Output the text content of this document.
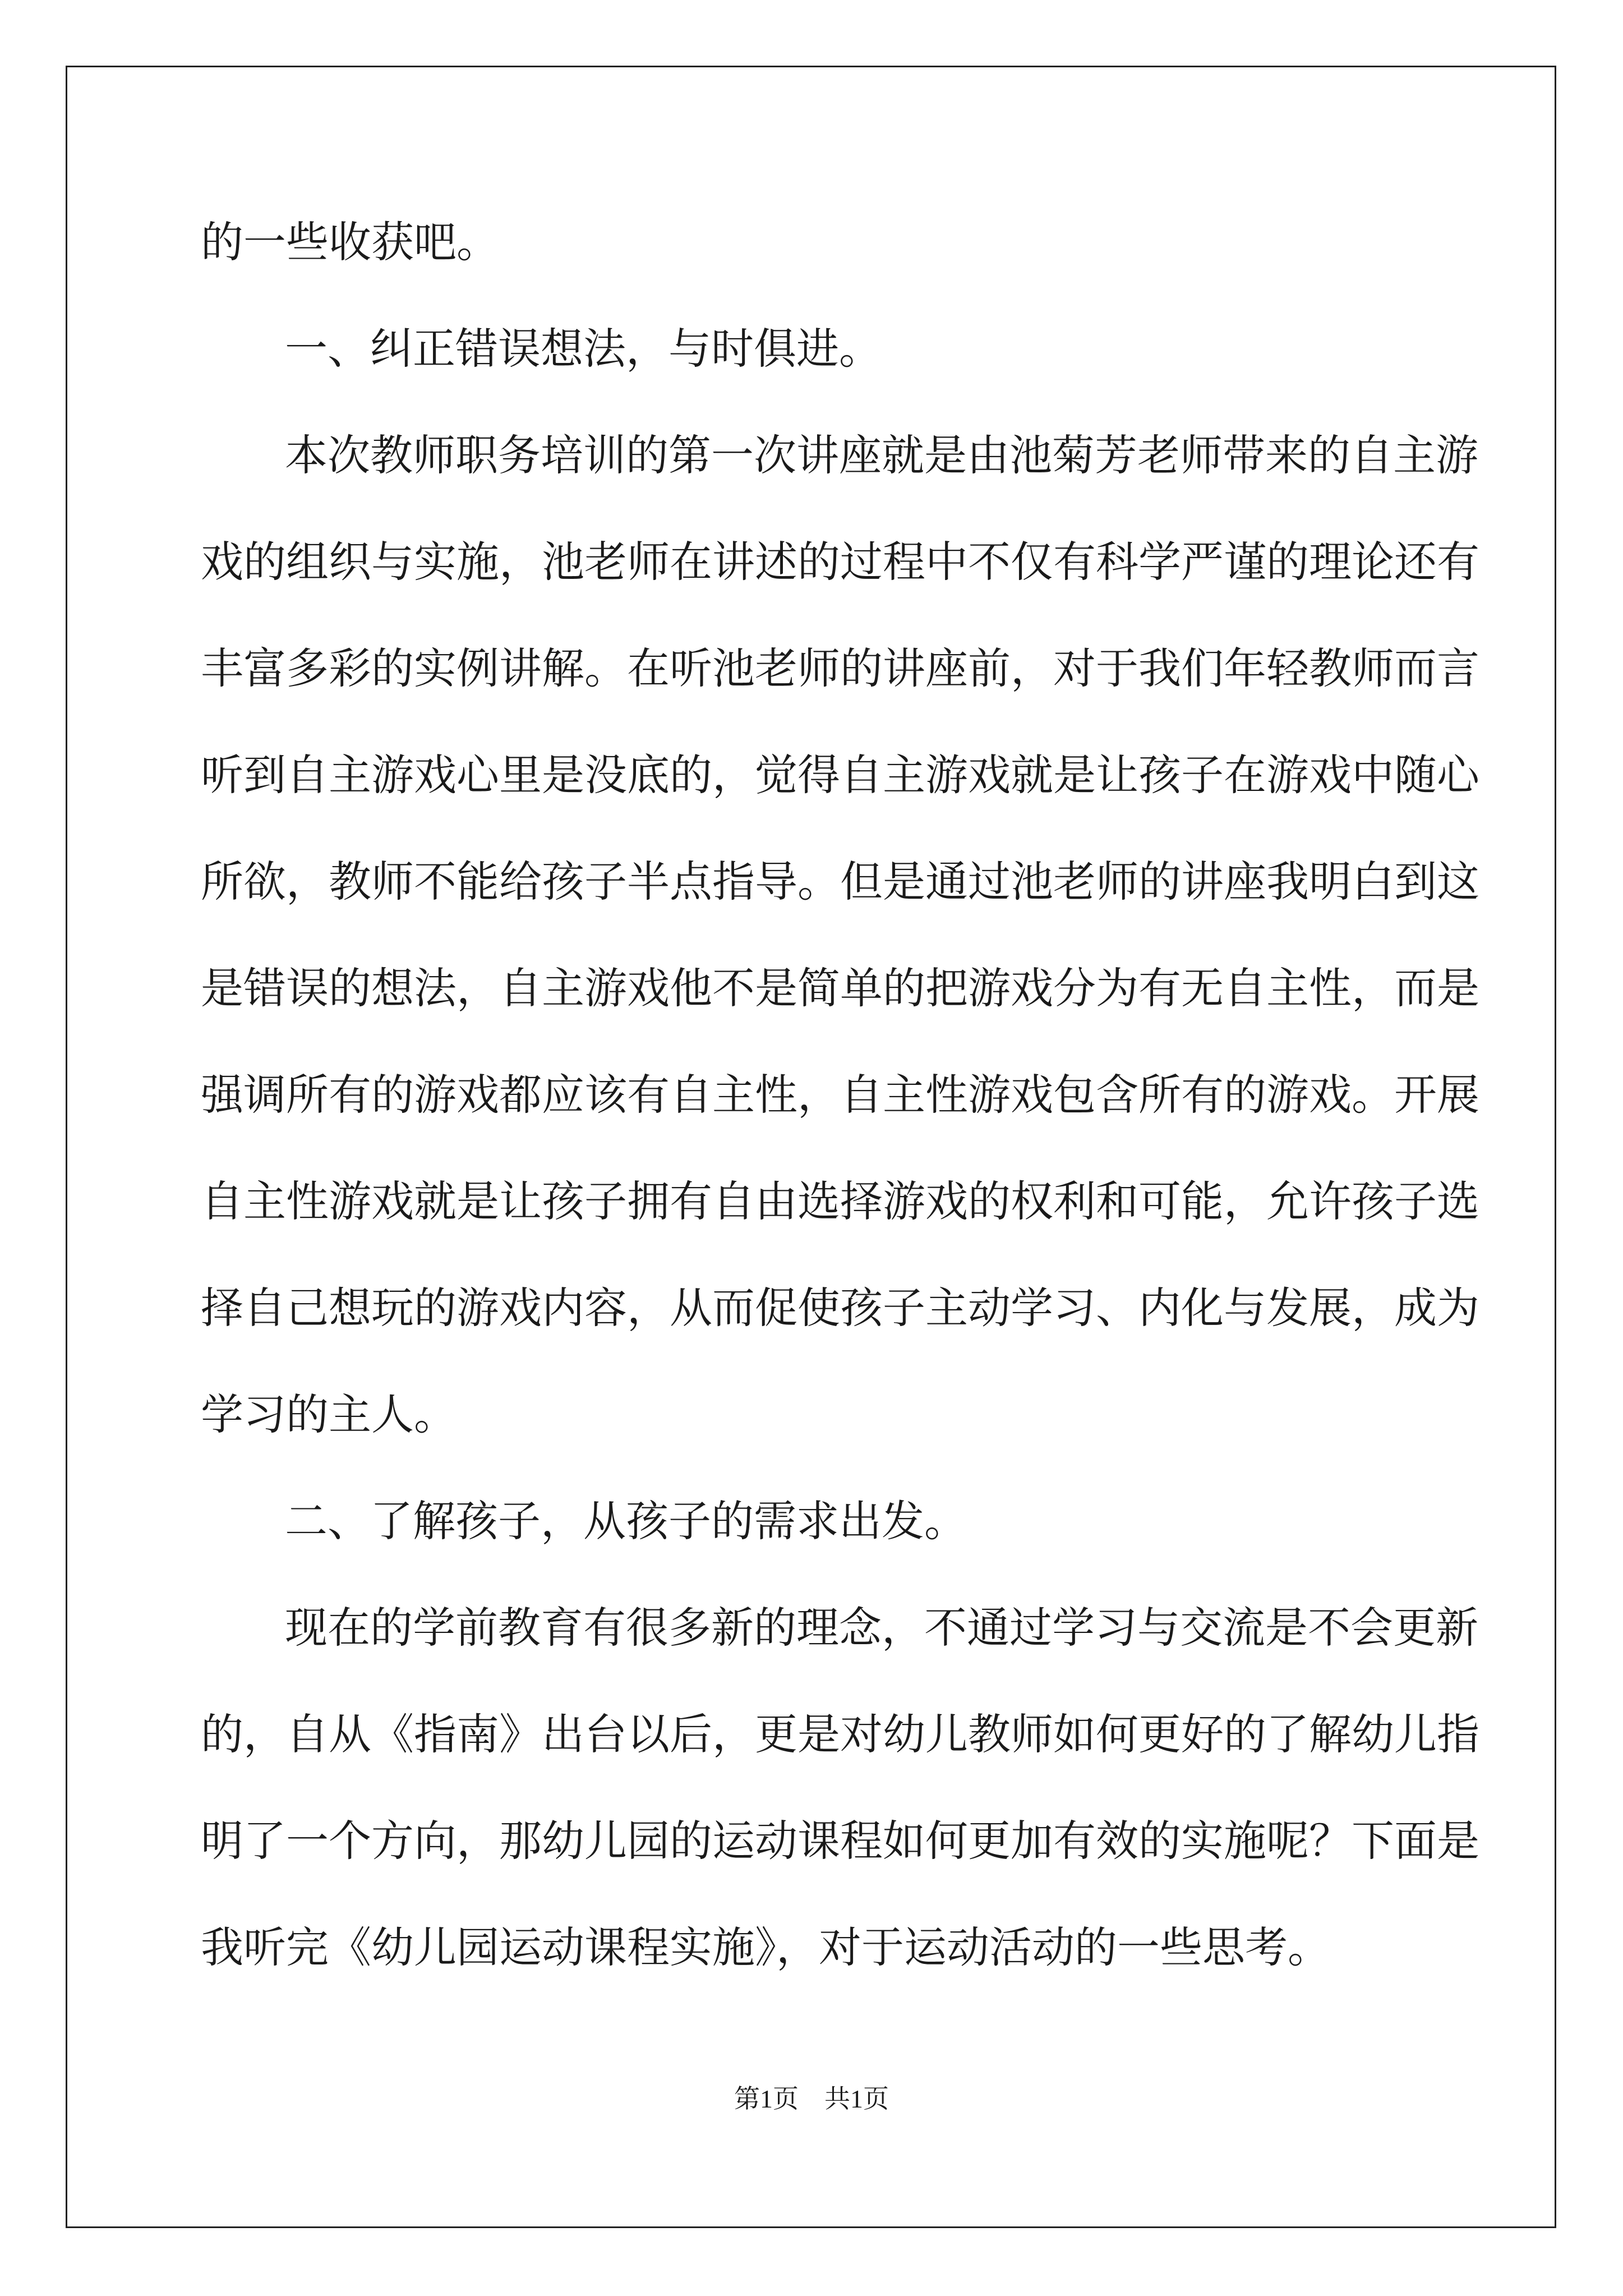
的一些收获吧。
一、纠正错误想法，与时俱进。
本次教师职务培训的第一次讲座就是由池菊芳老师带来的自主游
戏的组织与实施，池老师在讲述的过程中不仅有科学严谨的理论还有
丰富多彩的实例讲解。在听池老师的讲座前，对于我们年轻教师而言
听到自主游戏心里是没底的，觉得自主游戏就是让孩子在游戏中随心
所欲，教师不能给孩子半点指导。但是通过池老师的讲座我明白到这
是错误的想法，自主游戏他不是简单的把游戏分为有无自主性，而是
强调所有的游戏都应该有自主性，自主性游戏包含所有的游戏。开展
自主性游戏就是让孩子拥有自由选择游戏的权利和可能，允许孩子选
择自己想玩的游戏内容，从而促使孩子主动学习、内化与发展，成为
学习的主人。
二、了解孩子，从孩子的需求出发。
现在的学前教育有很多新的理念，不通过学习与交流是不会更新
的，自从《指南》出台以后，更是对幼儿教师如何更好的了解幼儿指
明了一个方向，那幼儿园的运动课程如何更加有效的实施呢？下面是
我听完《幼儿园运动课程实施》，对于运动活动的一些思考。
第1页　共1页
